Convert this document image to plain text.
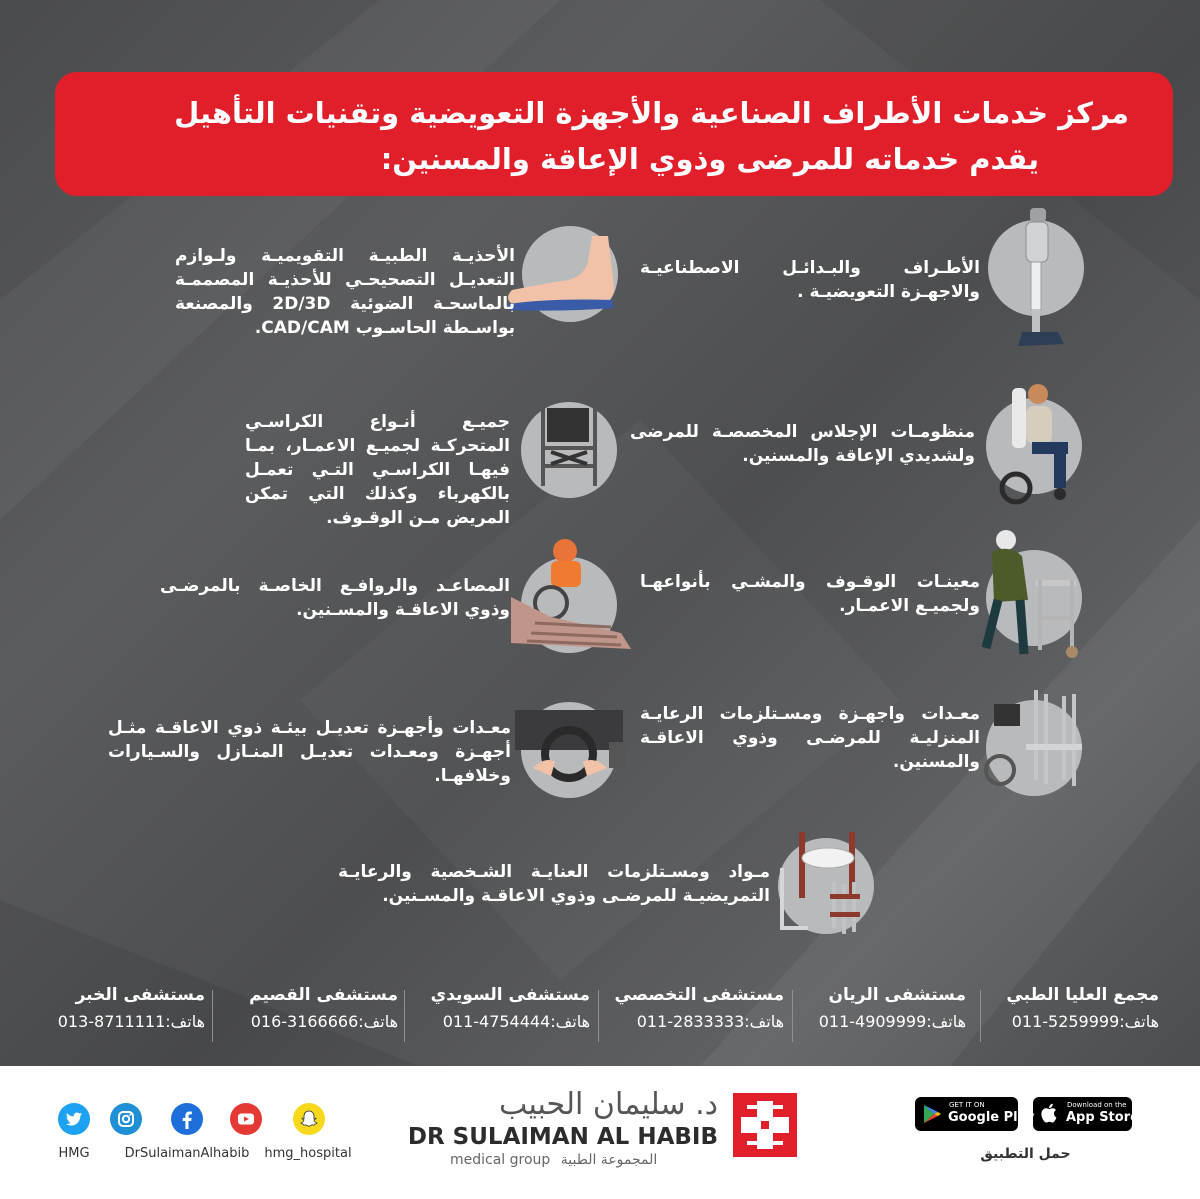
مركز خدمات الأطراف الصناعية والأجهزة التعويضية وتقنيات التأهيل
يقدم خدماته للمرضى وذوي الإعاقة والمسنين:
الأطـراف والبـدائـل الاصطناعيـة والاجهـزة التعويضيـة .
الأحذيـة الطبيـة التقويميـة ولـوازم التعديـل التصحيحـي للأحذيـة المصممـة بالماسحـة الضوئية 2D/3D والمصنعة بواسـطة الحاسـوب CAD/CAM.
منظومـات الإجلاس المخصصـة للمرضى ولشديدي الإعاقة والمسنين.
جميـع أنـواع الكراسـي المتحركـة لجميـع الاعمـار، بمـا فيهـا الكراسـي التـي تعمـل بالكهرباء وكذلك التي تمكن المريض مـن الوقـوف.
معينـات الوقـوف والمشـي بأنواعهـا ولجميـع الاعمـار.
المصاعـد والروافـع الخاصـة بالمرضـى وذوي الاعاقـة والمسـنين.
معـدات واجهـزة ومسـتلزمات الرعايـة المنزليـة للمرضـى وذوي الاعاقـة والمسنين.
معـدات وأجهـزة تعديـل بيئـة ذوي الاعاقـة مثـل أجهـزة ومعـدات تعديـل المنـازل والسـيارات وخلافهـا.
مـواد ومسـتلزمات العنايـة الشـخصية والرعايـة التمريضيـة للمرضـى وذوي الاعاقـة والمسـنين.
مجمع العليا الطبي
هاتف:011-5259999
مستشفى الريان
هاتف:011-4909999
مستشفى التخصصي
هاتف:011-2833333
مستشفى السويدي
هاتف:011-4754444
مستشفى القصيم
هاتف:016-3166666
مستشفى الخبر
هاتف:013-8711111
Download on the
App Store
GET IT ON
Google Play
حمل التطبيق
د. سليمان الحبيب
DR SULAIMAN AL HABIB
medical group المجموعة الطبية
HMG	DrSulaimanAlhabib	hmg_hospital
